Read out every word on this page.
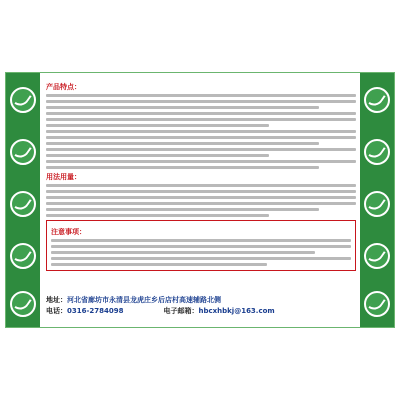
产品特点：
用法用量：
注意事项：
地址： 河北省廊坊市永清县龙虎庄乡后店村高速辅路北侧
电话： 0316-2784098	电子邮箱： hbcxhbkj@163.com
